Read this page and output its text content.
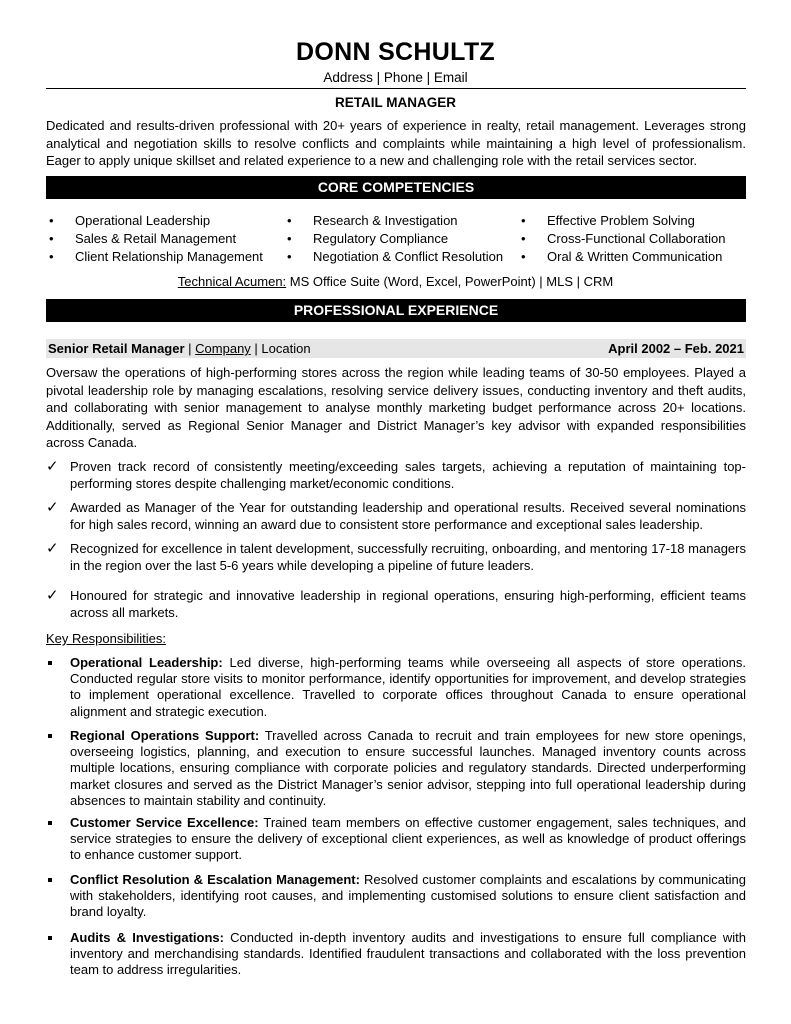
DONN SCHULTZ
Address | Phone | Email
RETAIL MANAGER
Dedicated and results-driven professional with 20+ years of experience in realty, retail management. Leverages strong analytical and negotiation skills to resolve conflicts and complaints while maintaining a high level of professionalism. Eager to apply unique skillset and related experience to a new and challenging role with the retail services sector.
CORE COMPETENCIES
• Operational Leadership
• Sales & Retail Management
• Client Relationship Management
• Research & Investigation
• Regulatory Compliance
• Negotiation & Conflict Resolution
• Effective Problem Solving
• Cross-Functional Collaboration
• Oral & Written Communication
Technical Acumen: MS Office Suite (Word, Excel, PowerPoint) | MLS | CRM
PROFESSIONAL EXPERIENCE
Senior Retail Manager | Company | Location	April 2002 – Feb. 2021
Oversaw the operations of high-performing stores across the region while leading teams of 30-50 employees. Played a pivotal leadership role by managing escalations, resolving service delivery issues, conducting inventory and theft audits, and collaborating with senior management to analyse monthly marketing budget performance across 20+ locations. Additionally, served as Regional Senior Manager and District Manager’s key advisor with expanded responsibilities across Canada.
✓ Proven track record of consistently meeting/exceeding sales targets, achieving a reputation of maintaining top-performing stores despite challenging market/economic conditions.
✓ Awarded as Manager of the Year for outstanding leadership and operational results. Received several nominations for high sales record, winning an award due to consistent store performance and exceptional sales leadership.
✓ Recognized for excellence in talent development, successfully recruiting, onboarding, and mentoring 17-18 managers in the region over the last 5-6 years while developing a pipeline of future leaders.
✓ Honoured for strategic and innovative leadership in regional operations, ensuring high-performing, efficient teams across all markets.
Key Responsibilities:
Operational Leadership: Led diverse, high-performing teams while overseeing all aspects of store operations. Conducted regular store visits to monitor performance, identify opportunities for improvement, and develop strategies to implement operational excellence. Travelled to corporate offices throughout Canada to ensure operational alignment and strategic execution.
Regional Operations Support: Travelled across Canada to recruit and train employees for new store openings, overseeing logistics, planning, and execution to ensure successful launches. Managed inventory counts across multiple locations, ensuring compliance with corporate policies and regulatory standards. Directed underperforming market closures and served as the District Manager’s senior advisor, stepping into full operational leadership during absences to maintain stability and continuity.
Customer Service Excellence: Trained team members on effective customer engagement, sales techniques, and service strategies to ensure the delivery of exceptional client experiences, as well as knowledge of product offerings to enhance customer support.
Conflict Resolution & Escalation Management: Resolved customer complaints and escalations by communicating with stakeholders, identifying root causes, and implementing customised solutions to ensure client satisfaction and brand loyalty.
Audits & Investigations: Conducted in-depth inventory audits and investigations to ensure full compliance with inventory and merchandising standards. Identified fraudulent transactions and collaborated with the loss prevention team to address irregularities.
